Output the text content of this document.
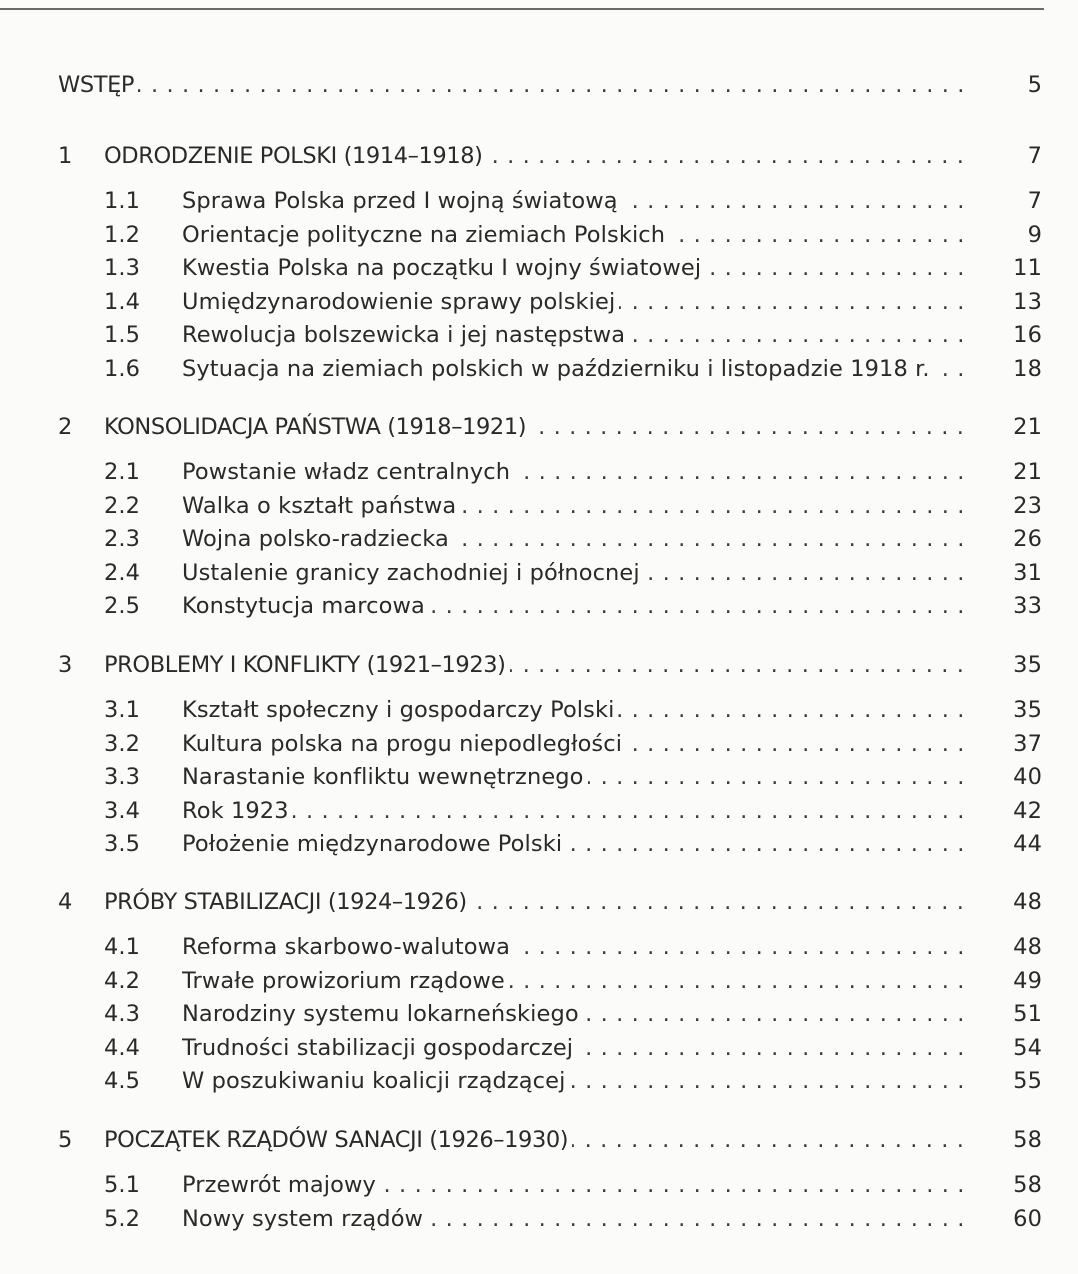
WSTĘP . . .	5
1 ODRODZENIE POLSKI (1914–1918) . . .	7
1.1 Sprawa Polska przed I wojną światową . . .	7
1.2 Orientacje polityczne na ziemiach Polskich . . .	9
1.3 Kwestia Polska na początku I wojny światowej . . .	11
1.4 Umiędzynarodowienie sprawy polskiej . . .	13
1.5 Rewolucja bolszewicka i jej następstwa . . .	16
1.6 Sytuacja na ziemiach polskich w październiku i listopadzie 1918 r. . . .	18
2 KONSOLIDACJA PAŃSTWA (1918–1921) . . .	21
2.1 Powstanie władz centralnych . . .	21
2.2 Walka o kształt państwa . . .	23
2.3 Wojna polsko-radziecka . . .	26
2.4 Ustalenie granicy zachodniej i północnej . . .	31
2.5 Konstytucja marcowa . . .	33
3 PROBLEMY I KONFLIKTY (1921–1923) . . .	35
3.1 Kształt społeczny i gospodarczy Polski . . .	35
3.2 Kultura polska na progu niepodległości . . .	37
3.3 Narastanie konfliktu wewnętrznego . . .	40
3.4 Rok 1923 . . .	42
3.5 Położenie międzynarodowe Polski . . .	44
4 PRÓBY STABILIZACJI (1924–1926) . . .	48
4.1 Reforma skarbowo-walutowa . . .	48
4.2 Trwałe prowizorium rządowe . . .	49
4.3 Narodziny systemu lokarneńskiego . . .	51
4.4 Trudności stabilizacji gospodarczej . . .	54
4.5 W poszukiwaniu koalicji rządzącej . . .	55
5 POCZĄTEK RZĄDÓW SANACJI (1926–1930) . . .	58
5.1 Przewrót majowy . . .	58
5.2 Nowy system rządów . . .	60
